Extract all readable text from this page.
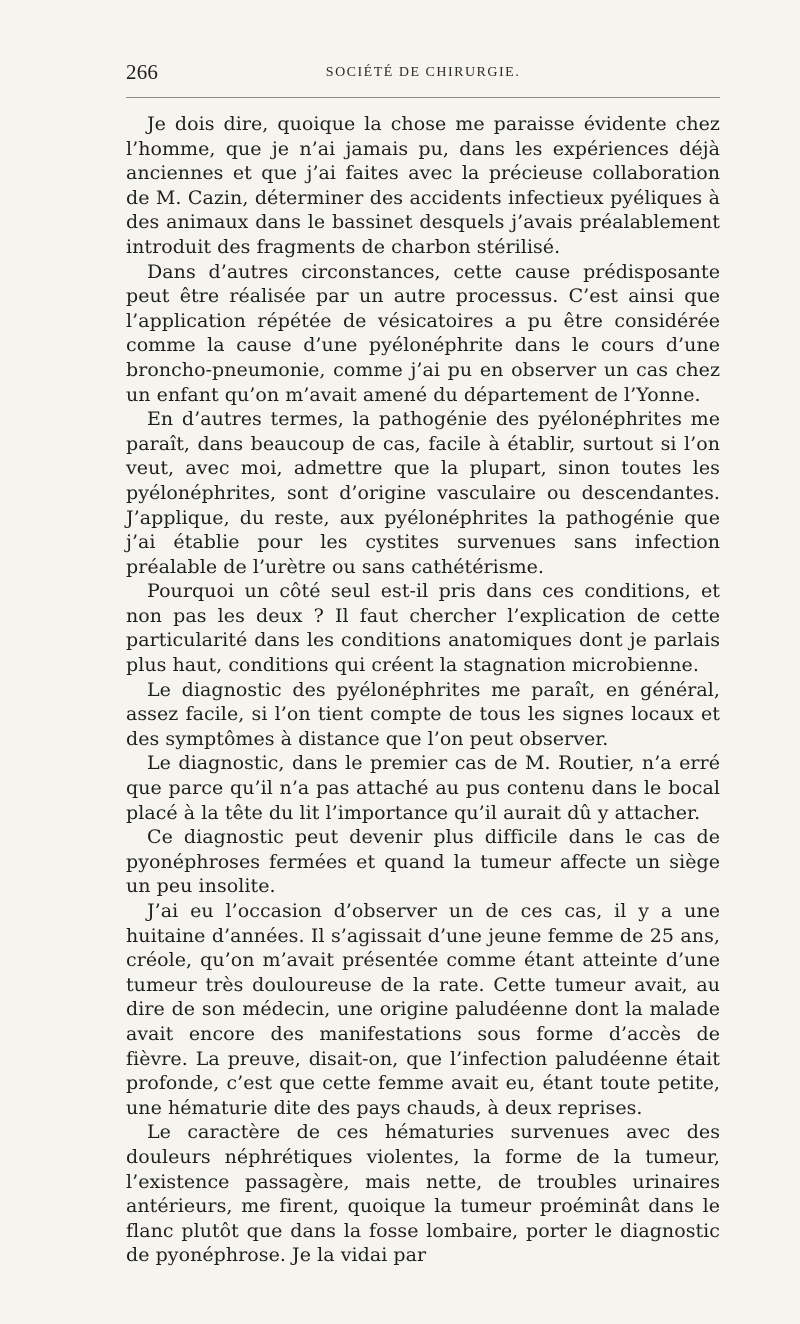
266	SOCIÉTÉ DE CHIRURGIE.

Je dois dire, quoique la chose me paraisse évidente chez l’homme, que je n’ai jamais pu, dans les expériences déjà anciennes et que j’ai faites avec la précieuse collaboration de M. Cazin, déterminer des accidents infectieux pyéliques à des animaux dans le bassinet desquels j’avais préalablement introduit des fragments de charbon stérilisé.

Dans d’autres circonstances, cette cause prédisposante peut être réalisée par un autre processus. C’est ainsi que l’application répétée de vésicatoires a pu être considérée comme la cause d’une pyélonéphrite dans le cours d’une broncho-pneumonie, comme j’ai pu en observer un cas chez un enfant qu’on m’avait amené du département de l’Yonne.

En d’autres termes, la pathogénie des pyélonéphrites me paraît, dans beaucoup de cas, facile à établir, surtout si l’on veut, avec moi, admettre que la plupart, sinon toutes les pyélonéphrites, sont d’origine vasculaire ou descendantes. J’applique, du reste, aux pyélonéphrites la pathogénie que j’ai établie pour les cystites survenues sans infection préalable de l’urètre ou sans cathétérisme.

Pourquoi un côté seul est-il pris dans ces conditions, et non pas les deux ? Il faut chercher l’explication de cette particularité dans les conditions anatomiques dont je parlais plus haut, conditions qui créent la stagnation microbienne.

Le diagnostic des pyélonéphrites me paraît, en général, assez facile, si l’on tient compte de tous les signes locaux et des symptômes à distance que l’on peut observer.

Le diagnostic, dans le premier cas de M. Routier, n’a erré que parce qu’il n’a pas attaché au pus contenu dans le bocal placé à la tête du lit l’importance qu’il aurait dû y attacher.

Ce diagnostic peut devenir plus difficile dans le cas de pyonéphroses fermées et quand la tumeur affecte un siège un peu insolite.

J’ai eu l’occasion d’observer un de ces cas, il y a une huitaine d’années. Il s’agissait d’une jeune femme de 25 ans, créole, qu’on m’avait présentée comme étant atteinte d’une tumeur très douloureuse de la rate. Cette tumeur avait, au dire de son médecin, une origine paludéenne dont la malade avait encore des manifestations sous forme d’accès de fièvre. La preuve, disait-on, que l’infection paludéenne était profonde, c’est que cette femme avait eu, étant toute petite, une hématurie dite des pays chauds, à deux reprises.

Le caractère de ces hématuries survenues avec des douleurs néphrétiques violentes, la forme de la tumeur, l’existence passagère, mais nette, de troubles urinaires antérieurs, me firent, quoique la tumeur proéminât dans le flanc plutôt que dans la fosse lombaire, porter le diagnostic de pyonéphrose. Je la vidai par
